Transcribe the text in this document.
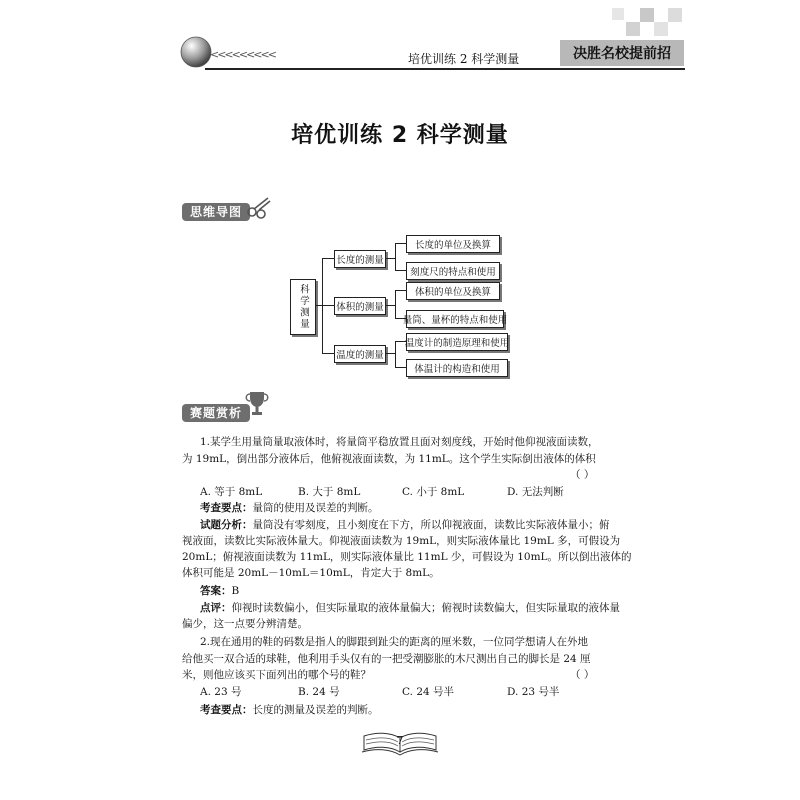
<<<<<<<<<	培优训练 2 科学测量	决胜名校提前招
培优训练 2 科学测量
思维导图
科学测量
长度的测量
体积的测量
温度的测量
长度的单位及换算
刻度尺的特点和使用
体积的单位及换算
量筒、量杯的特点和使用
温度计的制造原理和使用
体温计的构造和使用
赛题赏析
1.某学生用量筒量取液体时，将量筒平稳放置且面对刻度线，开始时他仰视液面读数，
为 19mL，倒出部分液体后，他俯视液面读数，为 11mL。这个学生实际倒出液体的体积
（ ）
A. 等于 8mL	B. 大于 8mL	C. 小于 8mL	D. 无法判断
考查要点：量筒的使用及误差的判断。
试题分析：量筒没有零刻度，且小刻度在下方，所以仰视液面，读数比实际液体量小；俯
视液面，读数比实际液体量大。仰视液面读数为 19mL，则实际液体量比 19mL 多，可假设为
20mL；俯视液面读数为 11mL，则实际液体量比 11mL 少，可假设为 10mL。所以倒出液体的
体积可能是 20mL－10mL＝10mL，肯定大于 8mL。
答案：B
点评：仰视时读数偏小，但实际量取的液体量偏大；俯视时读数偏大，但实际量取的液体量
偏少，这一点要分辨清楚。
2.现在通用的鞋的码数是指人的脚跟到趾尖的距离的厘米数，一位同学想请人在外地
给他买一双合适的球鞋，他利用手头仅有的一把受潮膨胀的木尺测出自己的脚长是 24 厘
米，则他应该买下面列出的哪个号的鞋？	（ ）
A. 23 号	B. 24 号	C. 24 号半	D. 23 号半
考查要点：长度的测量及误差的判断。
7
